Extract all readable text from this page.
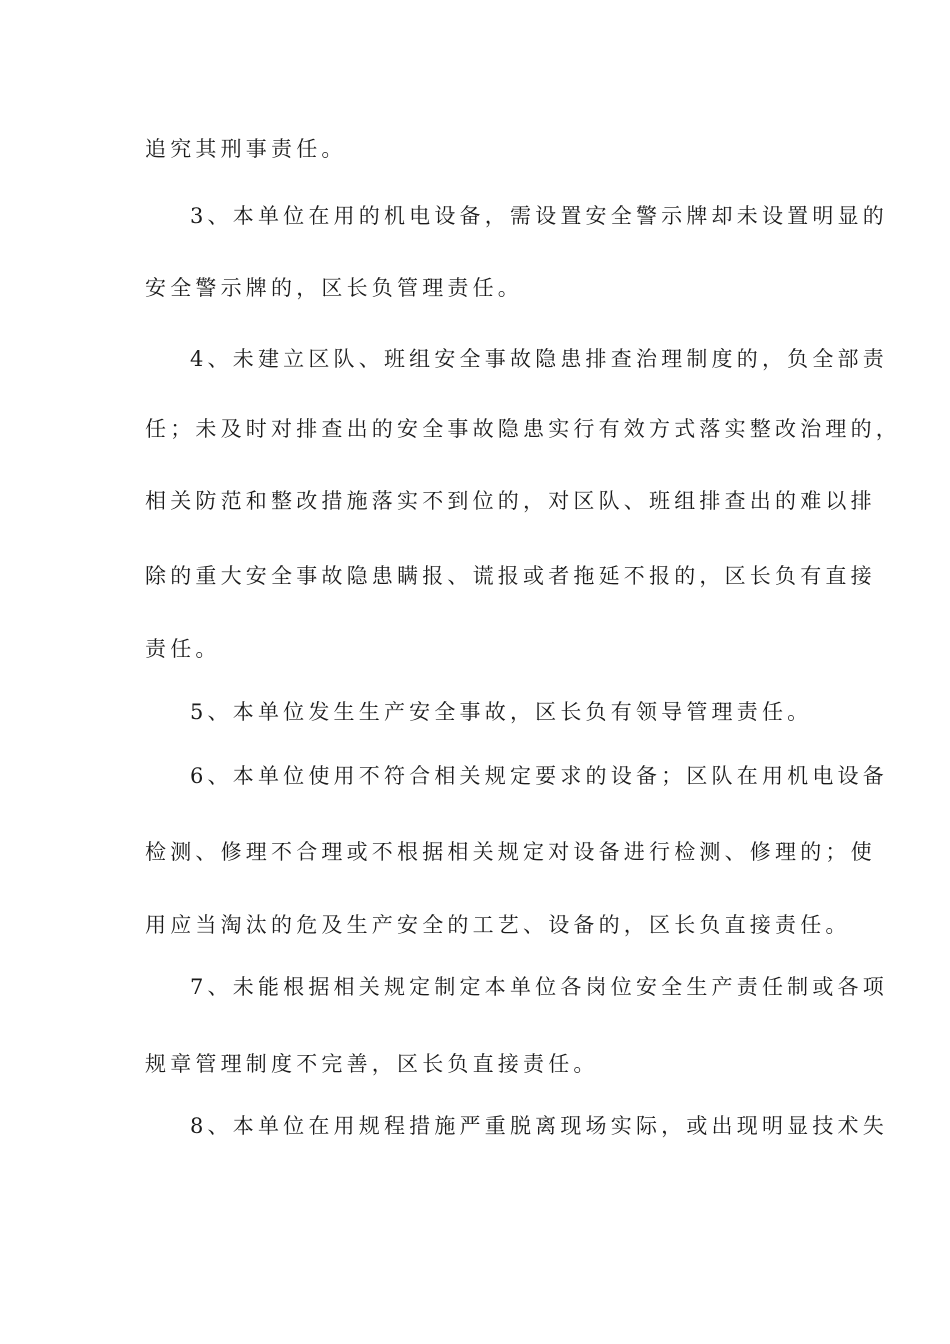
追究其刑事责任。
3、本单位在用的机电设备，需设置安全警示牌却未设置明显的
安全警示牌的，区长负管理责任。
4、未建立区队、班组安全事故隐患排查治理制度的，负全部责
任；未及时对排查出的安全事故隐患实行有效方式落实整改治理的，
相关防范和整改措施落实不到位的，对区队、班组排查出的难以排
除的重大安全事故隐患瞒报、谎报或者拖延不报的，区长负有直接
责任。
5、本单位发生生产安全事故，区长负有领导管理责任。
6、本单位使用不符合相关规定要求的设备；区队在用机电设备
检测、修理不合理或不根据相关规定对设备进行检测、修理的；使
用应当淘汰的危及生产安全的工艺、设备的，区长负直接责任。
7、未能根据相关规定制定本单位各岗位安全生产责任制或各项
规章管理制度不完善，区长负直接责任。
8、本单位在用规程措施严重脱离现场实际，或出现明显技术失
